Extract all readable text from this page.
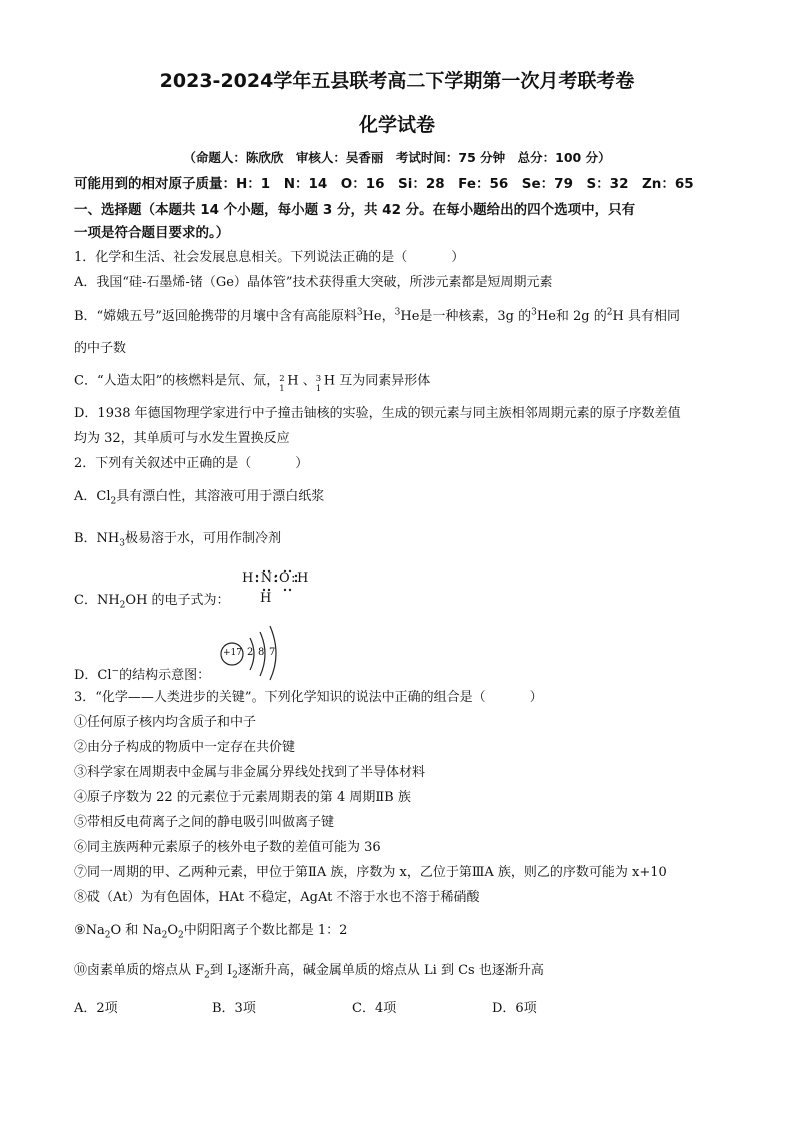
2023-2024学年五县联考高二下学期第一次月考联考卷
化学试卷
（命题人：陈欣欣　审核人：吴香丽　考试时间：75 分钟　总分：100 分）
可能用到的相对原子质量：H：1　N：14　O：16　Si：28　Fe：56　Se：79　S：32　Zn：65
一、选择题（本题共 14 个小题，每小题 3 分，共 42 分。在每小题给出的四个选项中，只有
一项是符合题目要求的。）
1．化学和生活、社会发展息息相关。下列说法正确的是（	）
A．我国“硅-石墨烯-锗（Ge）晶体管”技术获得重大突破，所涉元素都是短周期元素
B．“嫦娥五号”返回舱携带的月壤中含有高能原料$^3$He，$^3$He是一种核素，3g 的$^3$He和 2g 的$^2$H 具有相同
的中子数
C．“人造太阳”的核燃料是氘、氚， 2
1
H 、 3
1
H 互为同素异形体
D．1938 年德国物理学家进行中子撞击铀核的实验，生成的钡元素与同主族相邻周期元素的原子序数差值
均为 32，其单质可与水发生置换反应
2．下列有关叙述中正确的是（	）
A．$Cl_2$具有漂白性，其溶液可用于漂白纸浆
B．$NH_3$极易溶于水，可用作制冷剂
C．$NH_2OH$ 的电子式为：
H:N:O:H
H
D．Cl−的结构示意图：
+17 2 8 7
3．“化学——人类进步的关键”。下列化学知识的说法中正确的组合是（	）
①任何原子核内均含质子和中子
②由分子构成的物质中一定存在共价键
③科学家在周期表中金属与非金属分界线处找到了半导体材料
④原子序数为 22 的元素位于元素周期表的第 4 周期ⅡB 族
⑤带相反电荷离子之间的静电吸引叫做离子键
⑥同主族两种元素原子的核外电子数的差值可能为 36
⑦同一周期的甲、乙两种元素，甲位于第ⅡA 族，序数为 x，乙位于第ⅢA 族，则乙的序数可能为 x+10
⑧砹（At）为有色固体，HAt 不稳定，AgAt 不溶于水也不溶于稀硝酸
$⑨Na_2O$ 和 $Na_2O_2$中阴阳离子个数比都是 1：2
⑩卤素单质的熔点从 $F_2$到 $I_2$逐渐升高，碱金属单质的熔点从 Li 到 Cs 也逐渐升高
A．2项	B．3项	C．4项	D．6项
